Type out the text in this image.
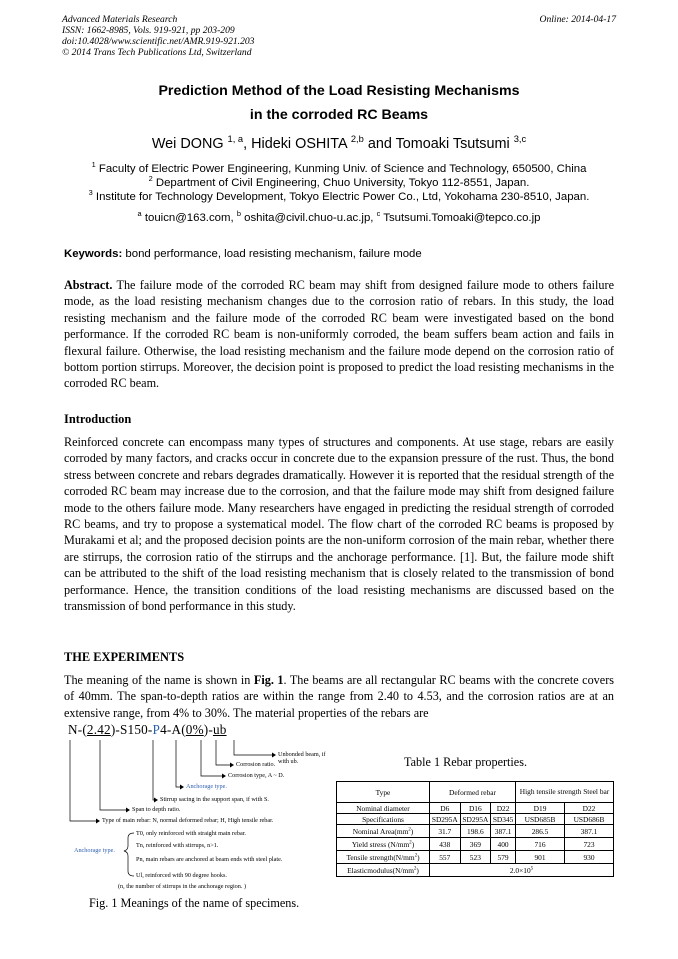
Advanced Materials Research
ISSN: 1662-8985, Vols. 919-921, pp 203-209
doi:10.4028/www.scientific.net/AMR.919-921.203
© 2014 Trans Tech Publications Ltd, Switzerland
Online: 2014-04-17
Prediction Method of the Load Resisting Mechanisms
in the corroded RC Beams
Wei DONG $^{1, a}$, Hideki OSHITA $^{2,b}$ and Tomoaki Tsutsumi $^{3,c}$
$^1$ Faculty of Electric Power Engineering, Kunming Univ. of Science and Technology, 650500, China
$^2$ Department of Civil Engineering, Chuo University, Tokyo 112-8551, Japan.
$^3$ Institute for Technology Development, Tokyo Electric Power Co., Ltd, Yokohama 230-8510, Japan.
$^a$ touicn@163.com, $^b$ oshita@civil.chuo-u.ac.jp, $^c$ Tsutsumi.Tomoaki@tepco.co.jp
Keywords: bond performance, load resisting mechanism, failure mode

Abstract. The failure mode of the corroded RC beam may shift from designed failure mode to others failure mode, as the load resisting mechanism changes due to the corrosion ratio of rebars. In this study, the load resisting mechanism and the failure mode of the corroded RC beam were investigated based on the bond performance. If the corroded RC beam is non-uniformly corroded, the beam suffers beam action and fails in flexural failure. Otherwise, the load resisting mechanism and the failure mode depend on the corrosion ratio of bottom portion stirrups. Moreover, the decision point is proposed to predict the load resisting mechanisms in the corroded RC beam.

Introduction

Reinforced concrete can encompass many types of structures and components. At use stage, rebars are easily corroded by many factors, and cracks occur in concrete due to the expansion pressure of the rust. Thus, the bond stress between concrete and rebars degrades dramatically. However it is reported that the residual strength of the corroded RC beam may increase due to the corrosion, and that the failure mode may shift from designed failure mode to the others failure mode. Many researchers have engaged in predicting the residual strength of corroded RC beams, and try to propose a systematical model. The flow chart of the corroded RC beams is proposed by Murakami et al; and the proposed decision points are the non-uniform corrosion of the main rebar, whether there are stirrups, the corrosion ratio of the stirrups and the anchorage performance. [1]. But, the failure mode shift can be attributed to the shift of the load resisting mechanism that is closely related to the transmission of bond performance. Hence, the transition conditions of the load resisting mechanisms are discussed based on the transmission of bond performance in this study.

THE EXPERIMENTS

The meaning of the name is shown in Fig. 1. The beams are all rectangular RC beams with the concrete covers of 40mm. The span-to-depth ratios are within the range from 2.40 to 4.53, and the corrosion ratios are at an extensive range, from 4% to 30%. The material properties of the rebars are

N-(2.42)-S150-P4-A(0%)-ub
Unbonded beam, if with ub.
Corrosion ratio.
Corrosion type, A ~ D.
Anchorage type.
Stirrup sacing in the support span, if with S.
Span to depth ratio.
Type of main rebar: N, normal deformed rebar; H, High tensile rebar.
Anchorage type.
T0, only reinforced with straight main rebar.
Tn, reinforced with stirrups, n>1.
Pn, main rebars are anchored at beam ends with steel plate.
Ul, reinforced with 90 degree hooks.
(n, the number of stirrups in the anchorage region. )
Fig. 1 Meanings of the name of specimens.
Table 1 Rebar properties.
Type	Deformed rebar			High tensile strength Steel bar	
Nominal diameter	D6	D16	D22	D19	D22
Specifications	SD295A	SD295A	SD345	USD685B	USD686B
Nominal $Area(mm^2)$	31.7	198.6	387.1	286.5	387.1
Yield stress $(N/mm^2)$	438	369	400	716	723
Tensile $strength(N/mm^2)$	557	523	579	901	930
$Elasticmodulus(N/mm^2)$	$2.0\times 10^5$
